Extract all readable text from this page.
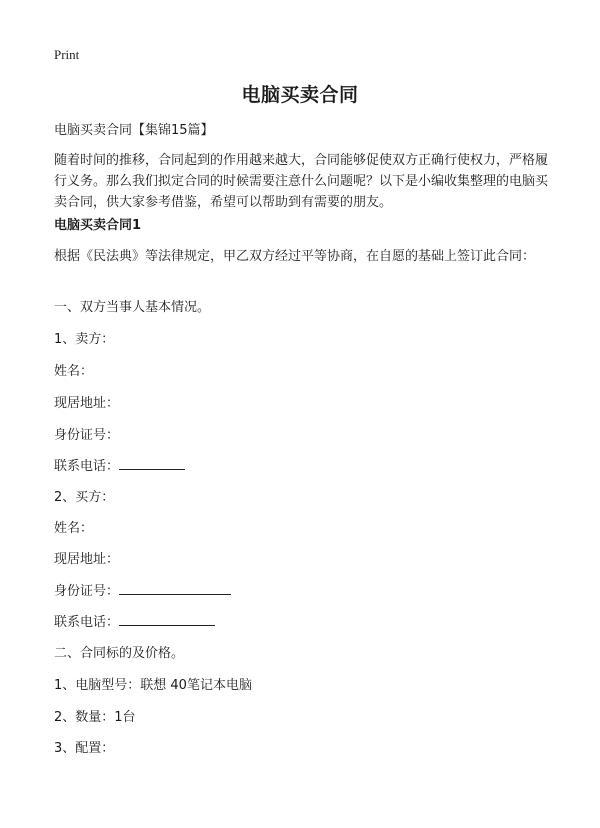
Print
电脑买卖合同
电脑买卖合同【集锦15篇】
随着时间的推移，合同起到的作用越来越大，合同能够促使双方正确行使权力，严格履行义务。那么我们拟定合同的时候需要注意什么问题呢？以下是小编收集整理的电脑买卖合同，供大家参考借鉴，希望可以帮助到有需要的朋友。
电脑买卖合同1
根据《民法典》等法律规定，甲乙双方经过平等协商，在自愿的基础上签订此合同：
一、双方当事人基本情况。
1、卖方：
姓名：
现居地址：
身份证号：
联系电话：
2、买方：
姓名：
现居地址：
身份证号：
联系电话：
二、合同标的及价格。
1、电脑型号：联想 40笔记本电脑
2、数量：1台
3、配置：
